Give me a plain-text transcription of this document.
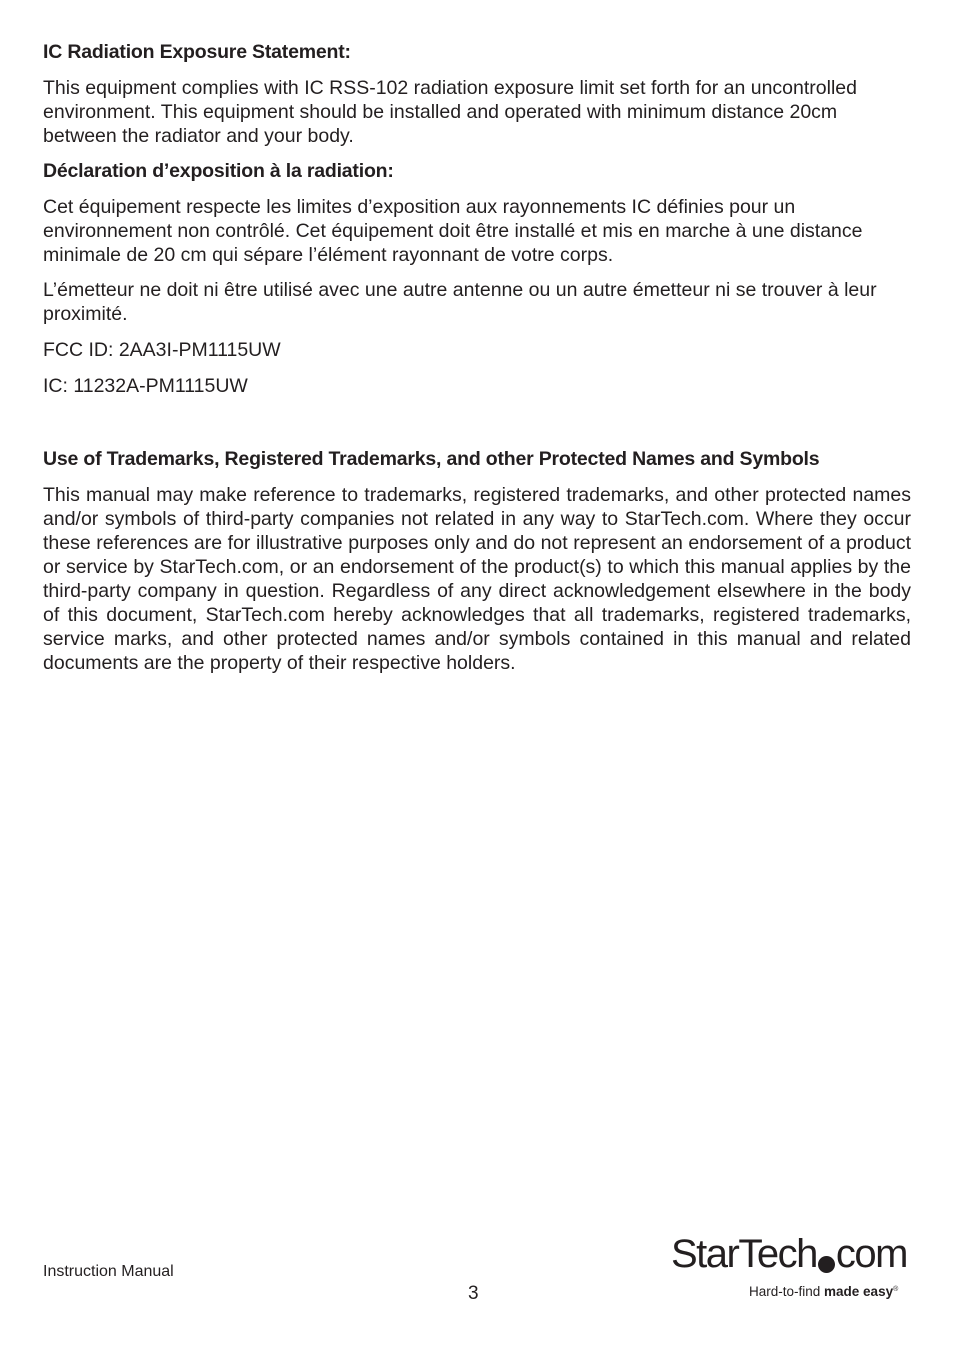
IC Radiation Exposure Statement:

This equipment complies with IC RSS-102 radiation exposure limit set forth for an uncontrolled environment. This equipment should be installed and operated with minimum distance 20cm between the radiator and your body.

Déclaration d’exposition à la radiation:

Cet équipement respecte les limites d’exposition aux rayonnements IC définies pour un environnement non contrôlé. Cet équipement doit être installé et mis en marche à une distance minimale de 20 cm qui sépare l’élément rayonnant de votre corps.

L’émetteur ne doit ni être utilisé avec une autre antenne ou un autre émetteur ni se trouver à leur proximité.

FCC ID: 2AA3I-PM1115UW

IC: 11232A-PM1115UW

Use of Trademarks, Registered Trademarks, and other Protected Names and Symbols

This manual may make reference to trademarks, registered trademarks, and other protected names and/or symbols of third-party companies not related in any way to StarTech.com. Where they occur these references are for illustrative purposes only and do not represent an endorsement of a product or service by StarTech.com, or an endorsement of the product(s) to which this manual applies by the third-party company in question. Regardless of any direct acknowledgement elsewhere in the body of this document, StarTech.com hereby acknowledges that all trademarks, registered trademarks, service marks, and other protected names and/or symbols contained in this manual and related documents are the property of their respective holders.

Instruction Manual
3
StarTech com
Hard-to-find made easy®
